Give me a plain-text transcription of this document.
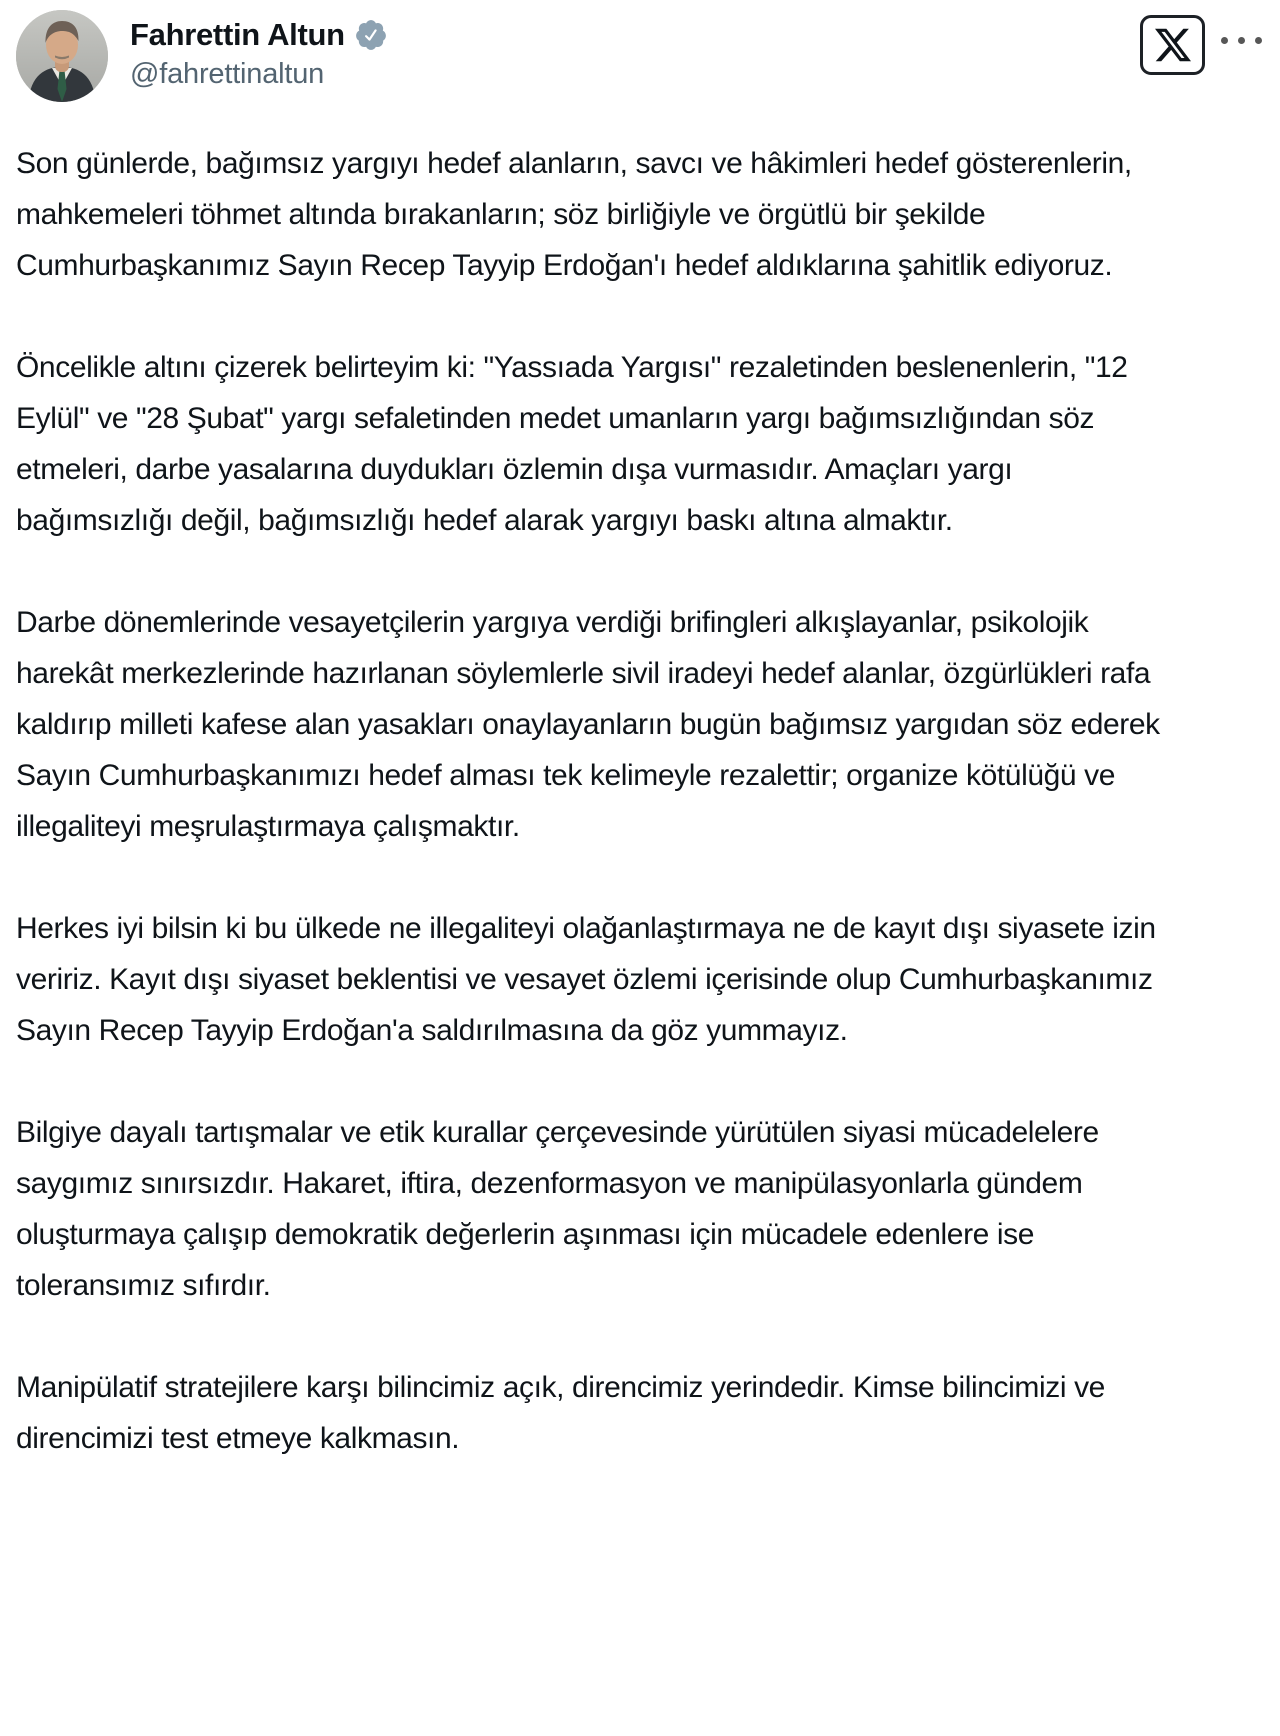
Fahrettin Altun
@fahrettinaltun

Son günlerde, bağımsız yargıyı hedef alanların, savcı ve hâkimleri hedef gösterenlerin, mahkemeleri töhmet altında bırakanların; söz birliğiyle ve örgütlü bir şekilde Cumhurbaşkanımız Sayın Recep Tayyip Erdoğan'ı hedef aldıklarına şahitlik ediyoruz.

Öncelikle altını çizerek belirteyim ki: "Yassıada Yargısı" rezaletinden beslenenlerin, "12 Eylül" ve "28 Şubat" yargı sefaletinden medet umanların yargı bağımsızlığından söz etmeleri, darbe yasalarına duydukları özlemin dışa vurmasıdır. Amaçları yargı bağımsızlığı değil, bağımsızlığı hedef alarak yargıyı baskı altına almaktır.

Darbe dönemlerinde vesayetçilerin yargıya verdiği brifingleri alkışlayanlar, psikolojik harekât merkezlerinde hazırlanan söylemlerle sivil iradeyi hedef alanlar, özgürlükleri rafa kaldırıp milleti kafese alan yasakları onaylayanların bugün bağımsız yargıdan söz ederek Sayın Cumhurbaşkanımızı hedef alması tek kelimeyle rezalettir; organize kötülüğü ve illegaliteyi meşrulaştırmaya çalışmaktır.

Herkes iyi bilsin ki bu ülkede ne illegaliteyi olağanlaştırmaya ne de kayıt dışı siyasete izin veririz. Kayıt dışı siyaset beklentisi ve vesayet özlemi içerisinde olup Cumhurbaşkanımız Sayın Recep Tayyip Erdoğan'a saldırılmasına da göz yummayız.

Bilgiye dayalı tartışmalar ve etik kurallar çerçevesinde yürütülen siyasi mücadelelere saygımız sınırsızdır. Hakaret, iftira, dezenformasyon ve manipülasyonlarla gündem oluşturmaya çalışıp demokratik değerlerin aşınması için mücadele edenlere ise toleransımız sıfırdır.

Manipülatif stratejilere karşı bilincimiz açık, direncimiz yerindedir. Kimse bilincimizi ve direncimizi test etmeye kalkmasın.
